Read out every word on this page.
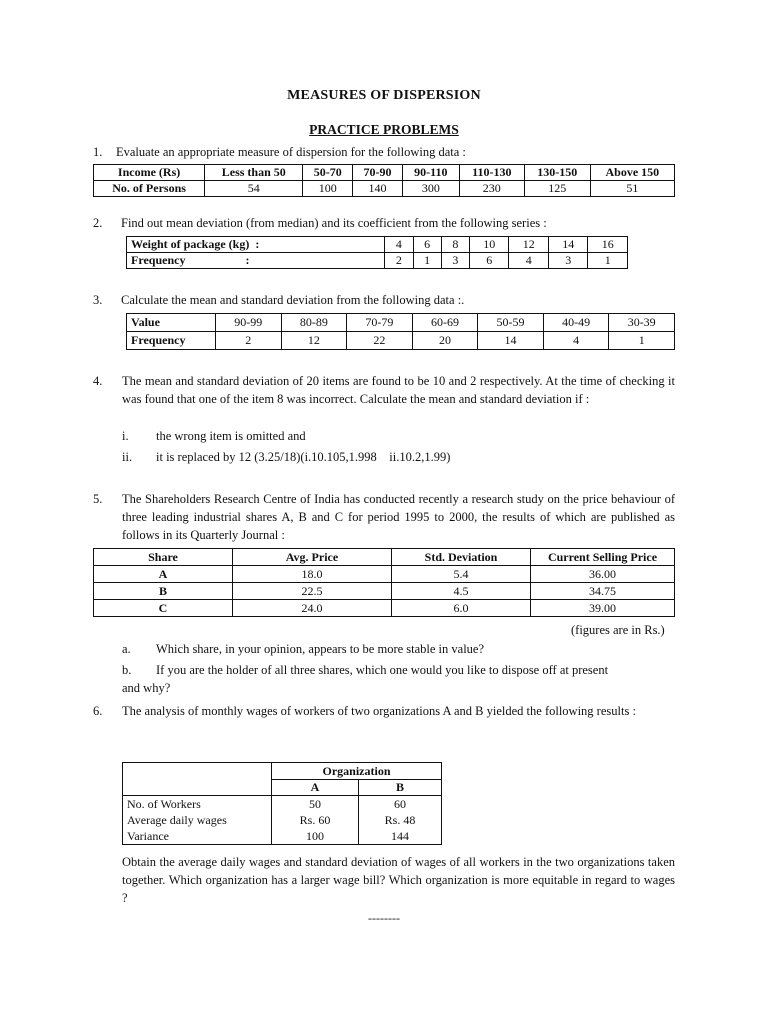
MEASURES OF DISPERSION
PRACTICE PROBLEMS
1. Evaluate an appropriate measure of dispersion for the following data :
Income (Rs)	Less than 50	50-70	70-90	90-110	110-130	130-150	Above 150
No. of Persons	54	100	140	300	230	125	51
2. Find out mean deviation (from median) and its coefficient from the following series :
Weight of package (kg)  :	4	6	8	10	12	14	16
Frequency                    :	2	1	3	6	4	3	1
3. Calculate the mean and standard deviation from the following data :.
Value	90-99	80-89	70-79	60-69	50-59	40-49	30-39
Frequency	2	12	22	20	14	4	1
4. The mean and standard deviation of 20 items are found to be 10 and 2 respectively. At the time of checking it was found that one of the item 8 was incorrect. Calculate the mean and standard deviation if :
i. the wrong item is omitted and
ii. it is replaced by 12 (3.25/18)(i.10.105,1.998    ii.10.2,1.99)
5. The Shareholders Research Centre of India has conducted recently a research study on the price behaviour of three leading industrial shares A, B and C for period 1995 to 2000, the results of which are published as follows in its Quarterly Journal :
Share	Avg. Price	Std. Deviation	Current Selling Price
A	18.0	5.4	36.00
B	22.5	4.5	34.75
C	24.0	6.0	39.00
(figures are in Rs.)
a. Which share, in your opinion, appears to be more stable in value?
b. If you are the holder of all three shares, which one would you like to dispose off at present
and why?
6. The analysis of monthly wages of workers of two organizations A and B yielded the following results :
	Organization	
	A	B
No. of Workers	50	60
Average daily wages	Rs. 60	Rs. 48
Variance	100	144
Obtain the average daily wages and standard deviation of wages of all workers in the two organizations taken together. Which organization has a larger wage bill? Which organization is more equitable in regard to wages ?
--------
